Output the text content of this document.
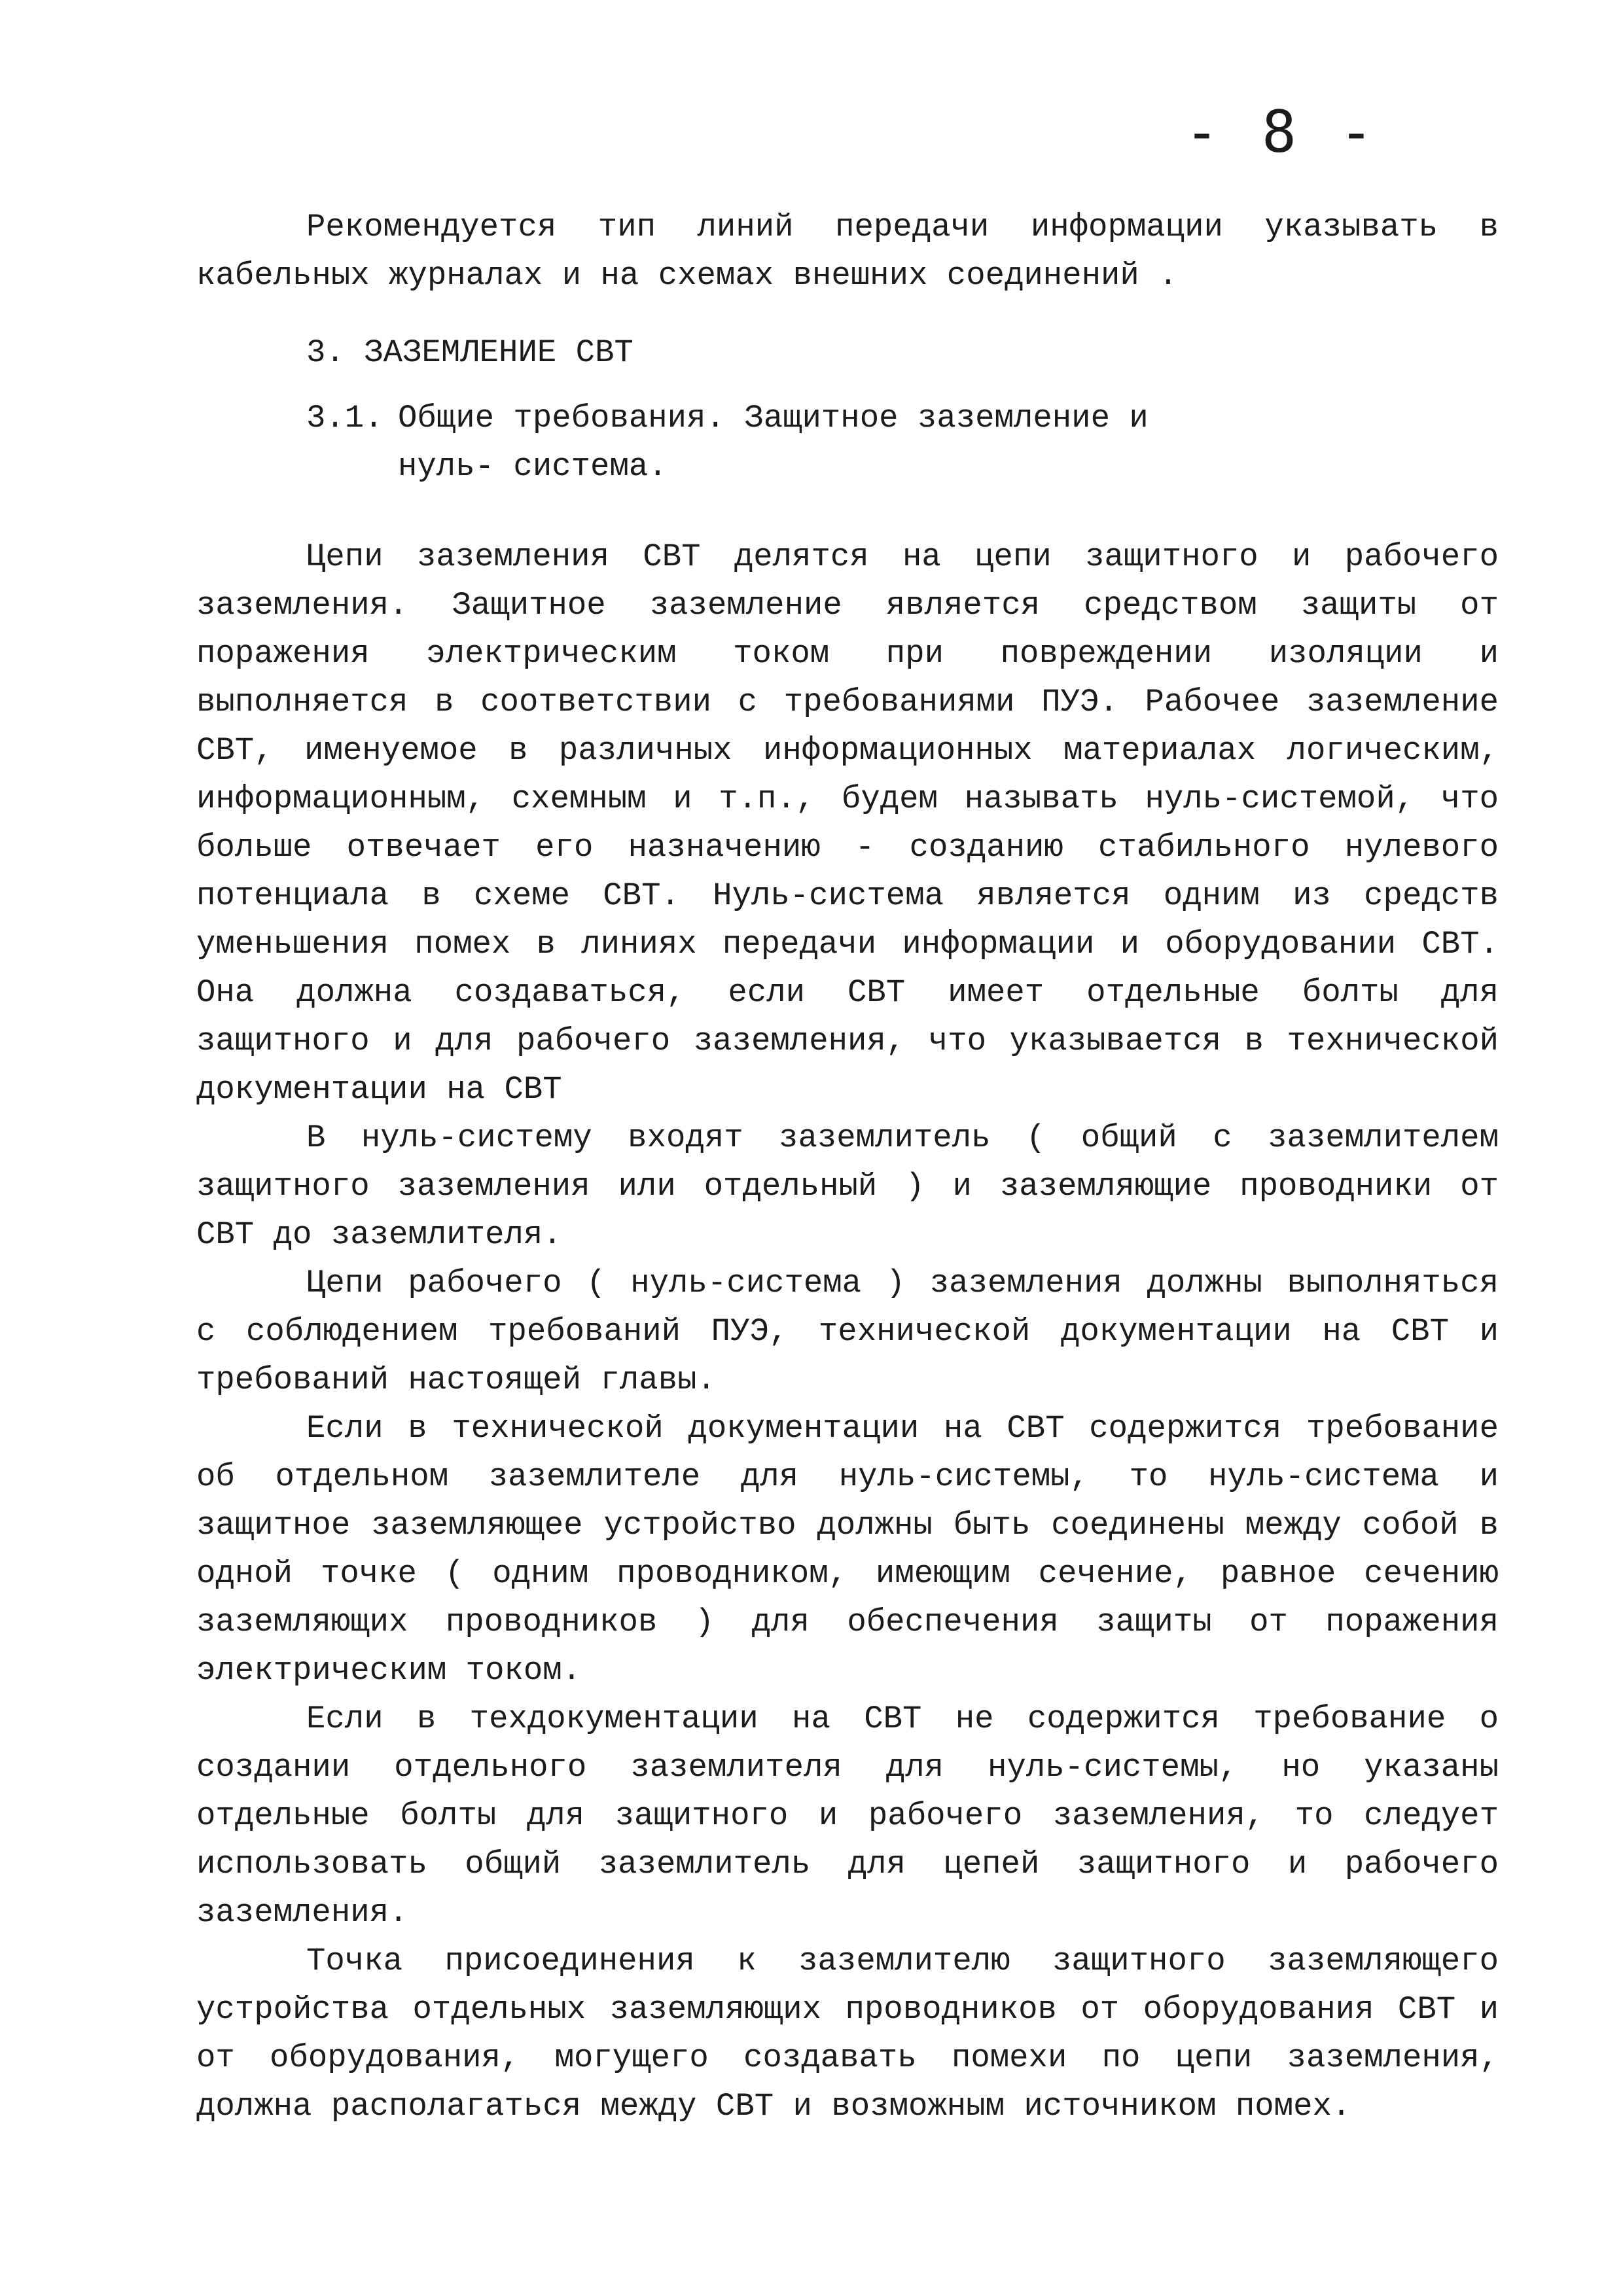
- 8 -

Рекомендуется тип линий передачи информации указывать в кабельных журналах и на схемах внешних соединений .

3. ЗАЗЕМЛЕНИЕ СВТ
3.1. Общие требования. Защитное заземление и нуль- система.

Цепи заземления СВТ делятся на цепи защитного и рабочего заземления. Защитное заземление является средством защиты от поражения электрическим током при повреждении изоляции и выполняется в соответствии с требованиями ПУЭ. Рабочее заземление СВТ, именуемое в различных информационных материалах логическим, информационным, схемным и т.п., будем называть нуль-системой, что больше отвечает его назначению - созданию стабильного нулевого потенциала в схеме СВТ. Нуль-система является одним из средств уменьшения помех в линиях передачи информации и оборудовании СВТ. Она должна создаваться, если СВТ имеет отдельные болты для защитного и для рабочего заземления, что указывается в технической документации на СВТ

В нуль-систему входят заземлитель ( общий с заземлителем защитного заземления или отдельный ) и заземляющие проводники от СВТ до заземлителя.

Цепи рабочего ( нуль-система ) заземления должны выполняться с соблюдением требований ПУЭ, технической документации на СВТ и требований настоящей главы.

Если в технической документации на СВТ содержится требование об отдельном заземлителе для нуль-системы, то нуль-система и защитное заземляющее устройство должны быть соединены между собой в одной точке ( одним проводником, имеющим сечение, равное сечению заземляющих проводников ) для обеспечения защиты от поражения электрическим током.

Если в техдокументации на СВТ не содержится требование о создании отдельного заземлителя для нуль-системы, но указаны отдельные болты для защитного и рабочего заземления, то следует использовать общий заземлитель для цепей защитного и рабочего заземления.

Точка присоединения к заземлителю защитного заземляющего устройства отдельных заземляющих проводников от оборудования СВТ и от оборудования, могущего создавать помехи по цепи заземления, должна располагаться между СВТ и возможным источником помех.
